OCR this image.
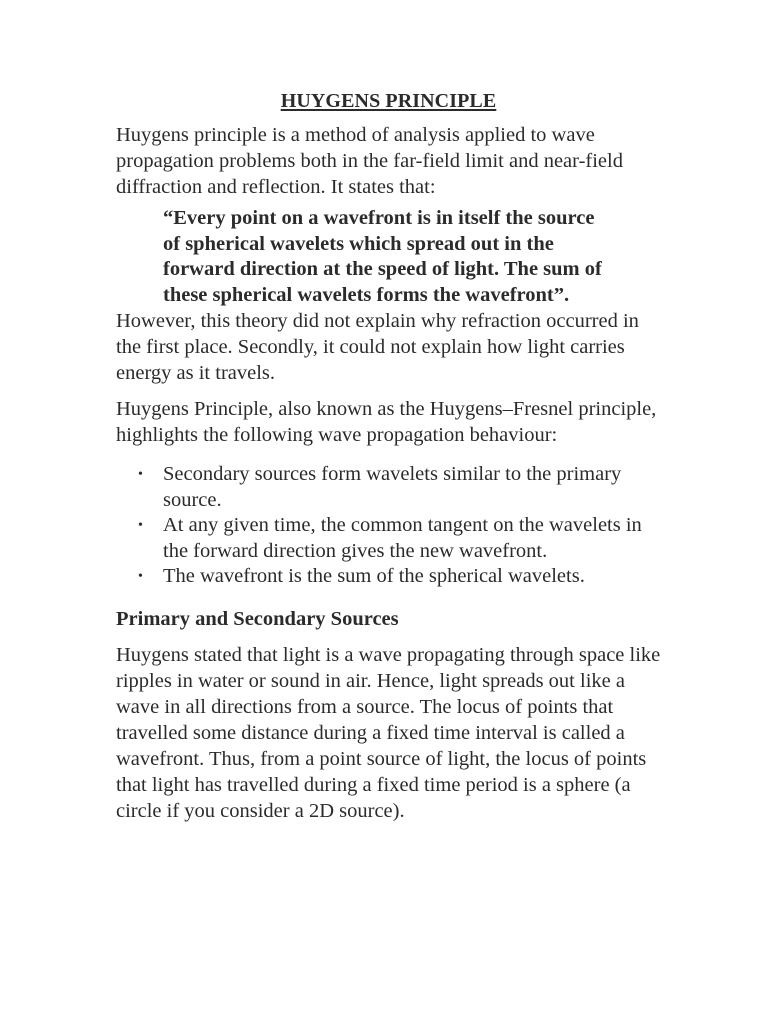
HUYGENS PRINCIPLE

Huygens principle is a method of analysis applied to wave propagation problems both in the far-field limit and near-field diffraction and reflection. It states that:

“Every point on a wavefront is in itself the source of spherical wavelets which spread out in the forward direction at the speed of light. The sum of these spherical wavelets forms the wavefront”.

However, this theory did not explain why refraction occurred in the first place. Secondly, it could not explain how light carries energy as it travels.

Huygens Principle, also known as the Huygens–Fresnel principle, highlights the following wave propagation behaviour:

• Secondary sources form wavelets similar to the primary source.
• At any given time, the common tangent on the wavelets in the forward direction gives the new wavefront.
• The wavefront is the sum of the spherical wavelets.
Primary and Secondary Sources

Huygens stated that light is a wave propagating through space like ripples in water or sound in air. Hence, light spreads out like a wave in all directions from a source. The locus of points that travelled some distance during a fixed time interval is called a wavefront. Thus, from a point source of light, the locus of points that light has travelled during a fixed time period is a sphere (a circle if you consider a 2D source).
